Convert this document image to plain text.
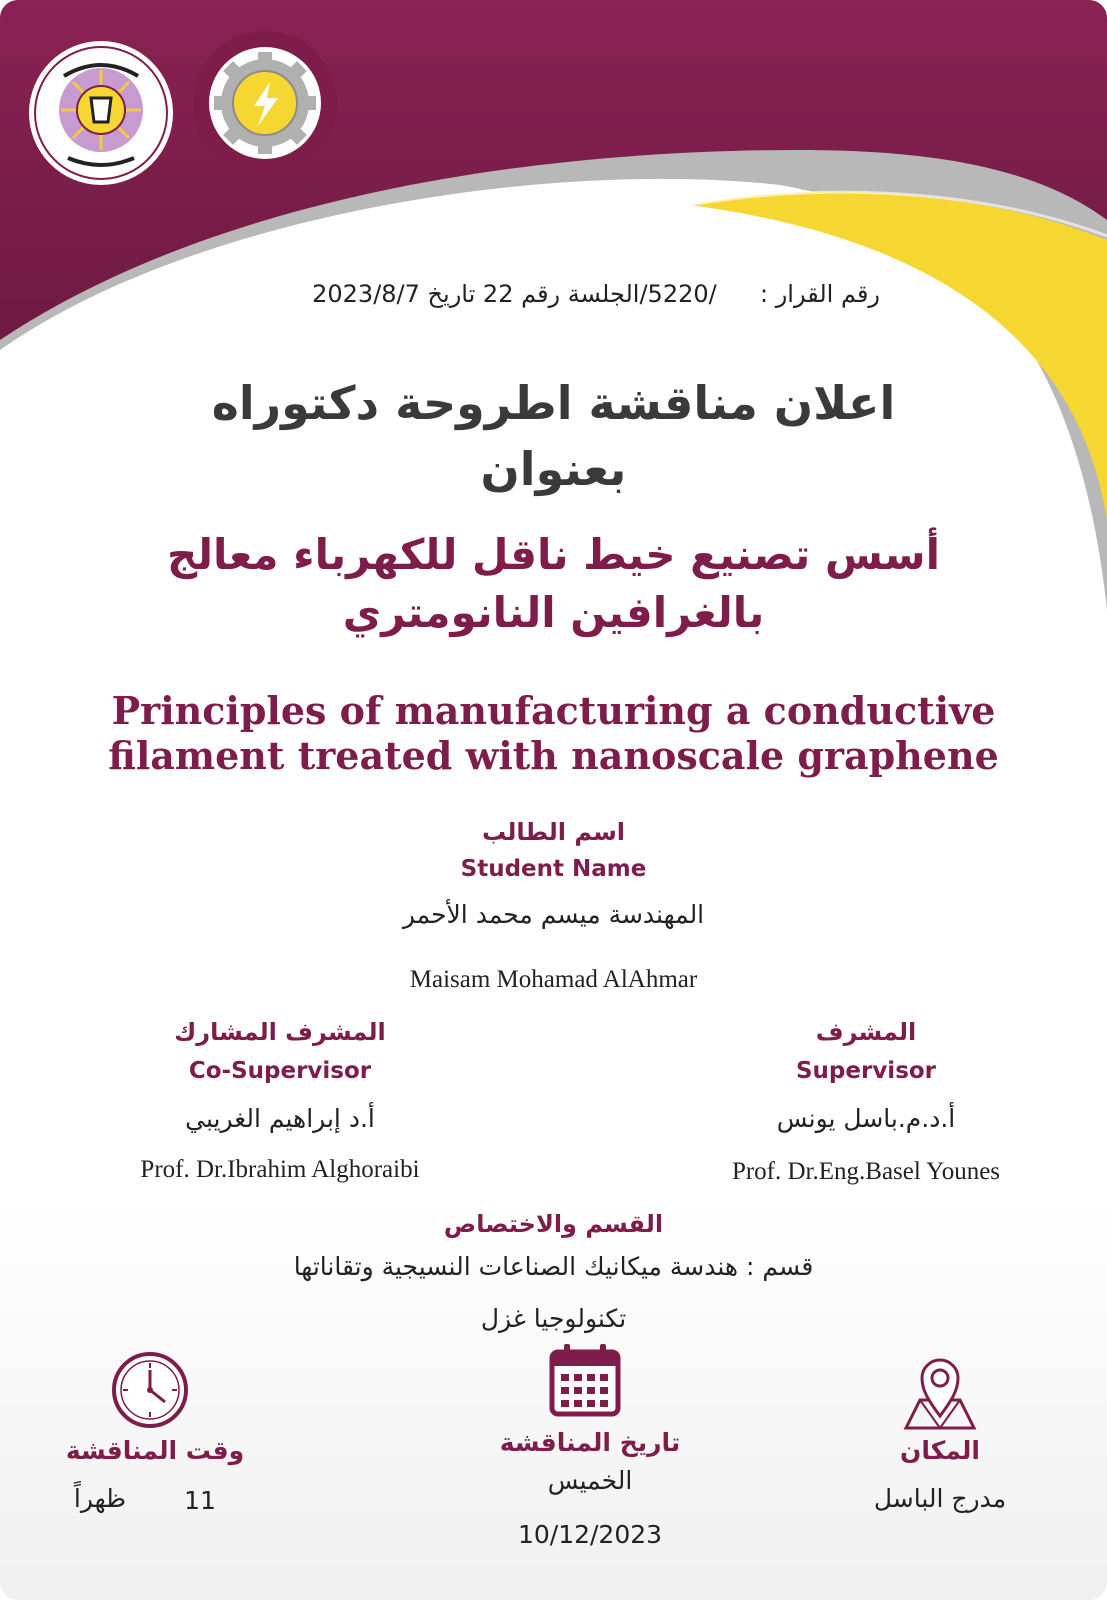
رقم القرار :  /5220/الجلسة رقم 22 تاريخ 2023/8/7
اعلان مناقشة اطروحة دكتوراه
بعنوان
أسس تصنيع خيط ناقل للكهرباء معالج
بالغرافين النانومتري
Principles of manufacturing a conductive
filament treated with nanoscale graphene
اسم الطالب
Student Name
المهندسة ميسم محمد الأحمر
Maisam Mohamad AlAhmar
المشرف المشارك
Co-Supervisor
أ.د إبراهيم الغريبي
Prof. Dr.Ibrahim Alghoraibi
المشرف
Supervisor
أ.د.م.باسل يونس
Prof. Dr.Eng.Basel Younes
القسم والاختصاص
قسم : هندسة ميكانيك الصناعات النسيجية وتقاناتها
تكنولوجيا غزل
المكان
مدرج الباسل
تاريخ المناقشة
الخميس
10/12/2023
وقت المناقشة
ظهراً	11
